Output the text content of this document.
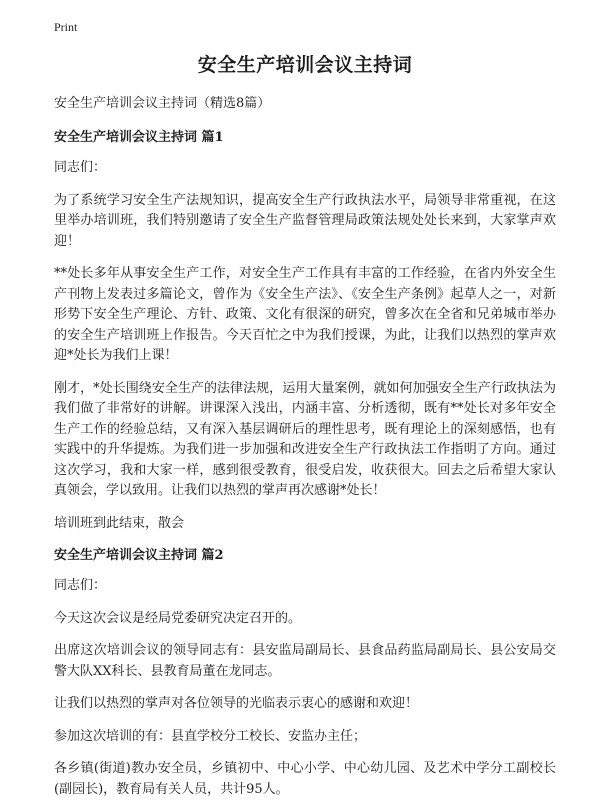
Print
安全生产培训会议主持词

安全生产培训会议主持词（精选8篇）

安全生产培训会议主持词 篇1

同志们：

为了系统学习安全生产法规知识，提高安全生产行政执法水平，局领导非常重视，在这里举办培训班，我们特别邀请了安全生产监督管理局政策法规处处长来到，大家掌声欢迎！

**处长多年从事安全生产工作，对安全生产工作具有丰富的工作经验，在省内外安全生产刊物上发表过多篇论文，曾作为《安全生产法》、《安全生产条例》起草人之一，对新形势下安全生产理论、方针、政策、文化有很深的研究，曾多次在全省和兄弟城市举办的安全生产培训班上作报告。今天百忙之中为我们授课，为此，让我们以热烈的掌声欢迎*处长为我们上课！

刚才，*处长围绕安全生产的法律法规，运用大量案例，就如何加强安全生产行政执法为我们做了非常好的讲解。讲课深入浅出，内涵丰富、分析透彻，既有**处长对多年安全生产工作的经验总结，又有深入基层调研后的理性思考，既有理论上的深刻感悟，也有实践中的升华提炼。为我们进一步加强和改进安全生产行政执法工作指明了方向。通过这次学习，我和大家一样，感到很受教育，很受启发，收获很大。回去之后希望大家认真领会，学以致用。让我们以热烈的掌声再次感谢*处长！

培训班到此结束，散会

安全生产培训会议主持词 篇2

同志们：

今天这次会议是经局党委研究决定召开的。

出席这次培训会议的领导同志有：县安监局副局长、县食品药监局副局长、县公安局交警大队XX科长、县教育局董在龙同志。

让我们以热烈的掌声对各位领导的光临表示衷心的感谢和欢迎！

参加这次培训的有：县直学校分工校长、安监办主任；

各乡镇(街道)教办安全员，乡镇初中、中心小学、中心幼儿园、及艺术中学分工副校长(副园长)，教育局有关人员，共计95人。
